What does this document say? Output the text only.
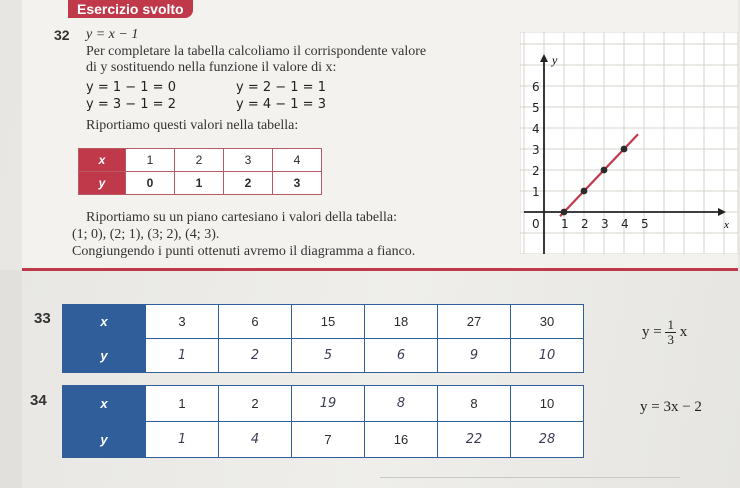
Esercizio svolto
32 y = x − 1
Per completare la tabella calcoliamo il corrispondente valore
di y sostituendo nella funzione il valore di x:
y = 1 − 1 = 0	y = 2 − 1 = 1
y = 3 − 1 = 2	y = 4 − 1 = 3
Riportiamo questi valori nella tabella:
x	1	2	3	4
y	0	1	2	3
Riportiamo su un piano cartesiano i valori della tabella:
(1; 0), (2; 1), (3; 2), (4; 3).
Congiungendo i punti ottenuti avremo il diagramma a fianco.
x
y
0 1 2 3 4 5
1
2
3
4
5
6
33	x	3	6	15	18	27	30
y	1	2	5	6	9	10
$y = \frac{1}{3}$ x
34	x	1	2	19	8	8	10
y	1	4	7	16	22	28
y = 3x − 2
